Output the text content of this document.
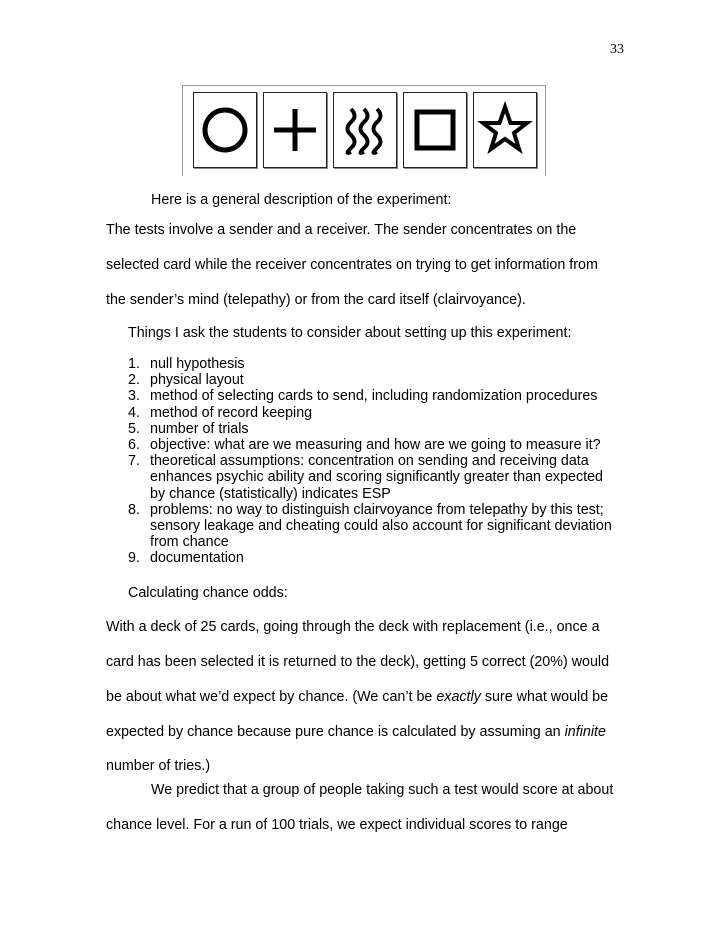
33
Here is a general description of the experiment:
The tests involve a sender and a receiver. The sender concentrates on the
selected card while the receiver concentrates on trying to get information from
the sender’s mind (telepathy) or from the card itself (clairvoyance).
Things I ask the students to consider about setting up this experiment:
1. null hypothesis
2. physical layout
3. method of selecting cards to send, including randomization procedures
4. method of record keeping
5. number of trials
6. objective: what are we measuring and how are we going to measure it?
7. theoretical assumptions: concentration on sending and receiving data
enhances psychic ability and scoring significantly greater than expected
by chance (statistically) indicates ESP
8. problems: no way to distinguish clairvoyance from telepathy by this test;
sensory leakage and cheating could also account for significant deviation
from chance
9. documentation
Calculating chance odds:
With a deck of 25 cards, going through the deck with replacement (i.e., once a
card has been selected it is returned to the deck), getting 5 correct (20%) would
be about what we’d expect by chance. (We can’t be exactly sure what would be
expected by chance because pure chance is calculated by assuming an infinite
number of tries.)
We predict that a group of people taking such a test would score at about
chance level. For a run of 100 trials, we expect individual scores to range
